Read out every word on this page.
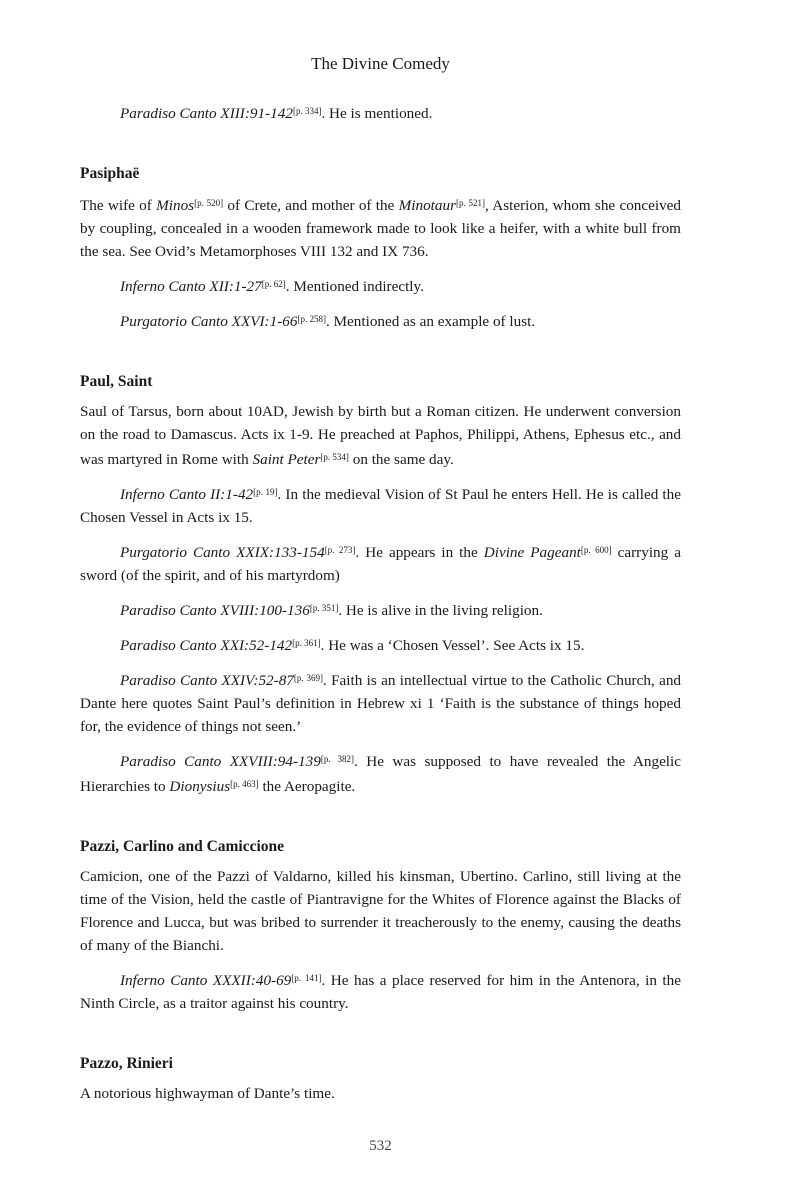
The Divine Comedy

Paradiso Canto XIII:91-142[p. 334]. He is mentioned.

Pasiphaë

The wife of Minos[p. 520] of Crete, and mother of the Minotaur[p. 521], Asterion, whom she conceived by coupling, concealed in a wooden framework made to look like a heifer, with a white bull from the sea. See Ovid’s Metamorphoses VIII 132 and IX 736.

Inferno Canto XII:1-27[p. 62]. Mentioned indirectly.

Purgatorio Canto XXVI:1-66[p. 258]. Mentioned as an example of lust.

Paul, Saint

Saul of Tarsus, born about 10AD, Jewish by birth but a Roman citizen. He underwent conversion on the road to Damascus. Acts ix 1-9. He preached at Paphos, Philippi, Athens, Ephesus etc., and was martyred in Rome with Saint Peter[p. 534] on the same day.

Inferno Canto II:1-42[p. 19]. In the medieval Vision of St Paul he enters Hell. He is called the Chosen Vessel in Acts ix 15.

Purgatorio Canto XXIX:133-154[p. 273]. He appears in the Divine Pageant[p. 600] carrying a sword (of the spirit, and of his martyrdom)

Paradiso Canto XVIII:100-136[p. 351]. He is alive in the living religion.

Paradiso Canto XXI:52-142[p. 361]. He was a ‘Chosen Vessel’. See Acts ix 15.

Paradiso Canto XXIV:52-87[p. 369]. Faith is an intellectual virtue to the Catholic Church, and Dante here quotes Saint Paul’s definition in Hebrew xi 1 ‘Faith is the substance of things hoped for, the evidence of things not seen.’

Paradiso Canto XXVIII:94-139[p. 382]. He was supposed to have revealed the Angelic Hierarchies to Dionysius[p. 463] the Aeropagite.

Pazzi, Carlino and Camiccione

Camicion, one of the Pazzi of Valdarno, killed his kinsman, Ubertino. Carlino, still living at the time of the Vision, held the castle of Piantravigne for the Whites of Florence against the Blacks of Florence and Lucca, but was bribed to surrender it treacherously to the enemy, causing the deaths of many of the Bianchi.

Inferno Canto XXXII:40-69[p. 141]. He has a place reserved for him in the Antenora, in the Ninth Circle, as a traitor against his country.

Pazzo, Rinieri

A notorious highwayman of Dante’s time.

532
